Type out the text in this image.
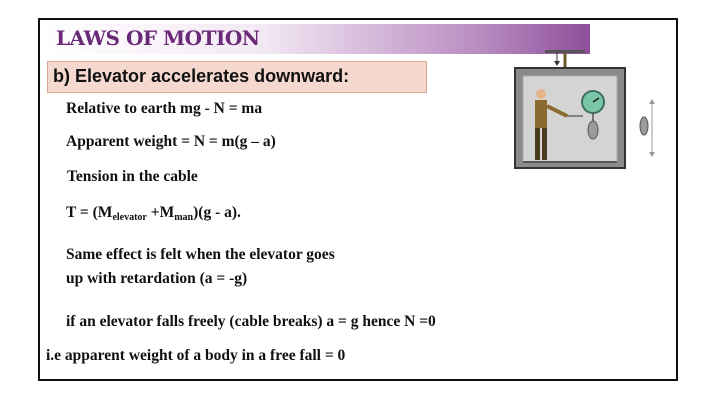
LAWS OF MOTION
b) Elevator accelerates downward:
Relative to earth mg - N = ma
Apparent weight = N = m(g – a)
Tension in the cable
$T = (M_{elevator} +M_{man})(g - a)$.
Same effect is felt when the elevator goes
up with retardation (a = -g)
if an elevator falls freely (cable breaks) a = g hence N =0
i.e apparent weight of a body in a free fall = 0
